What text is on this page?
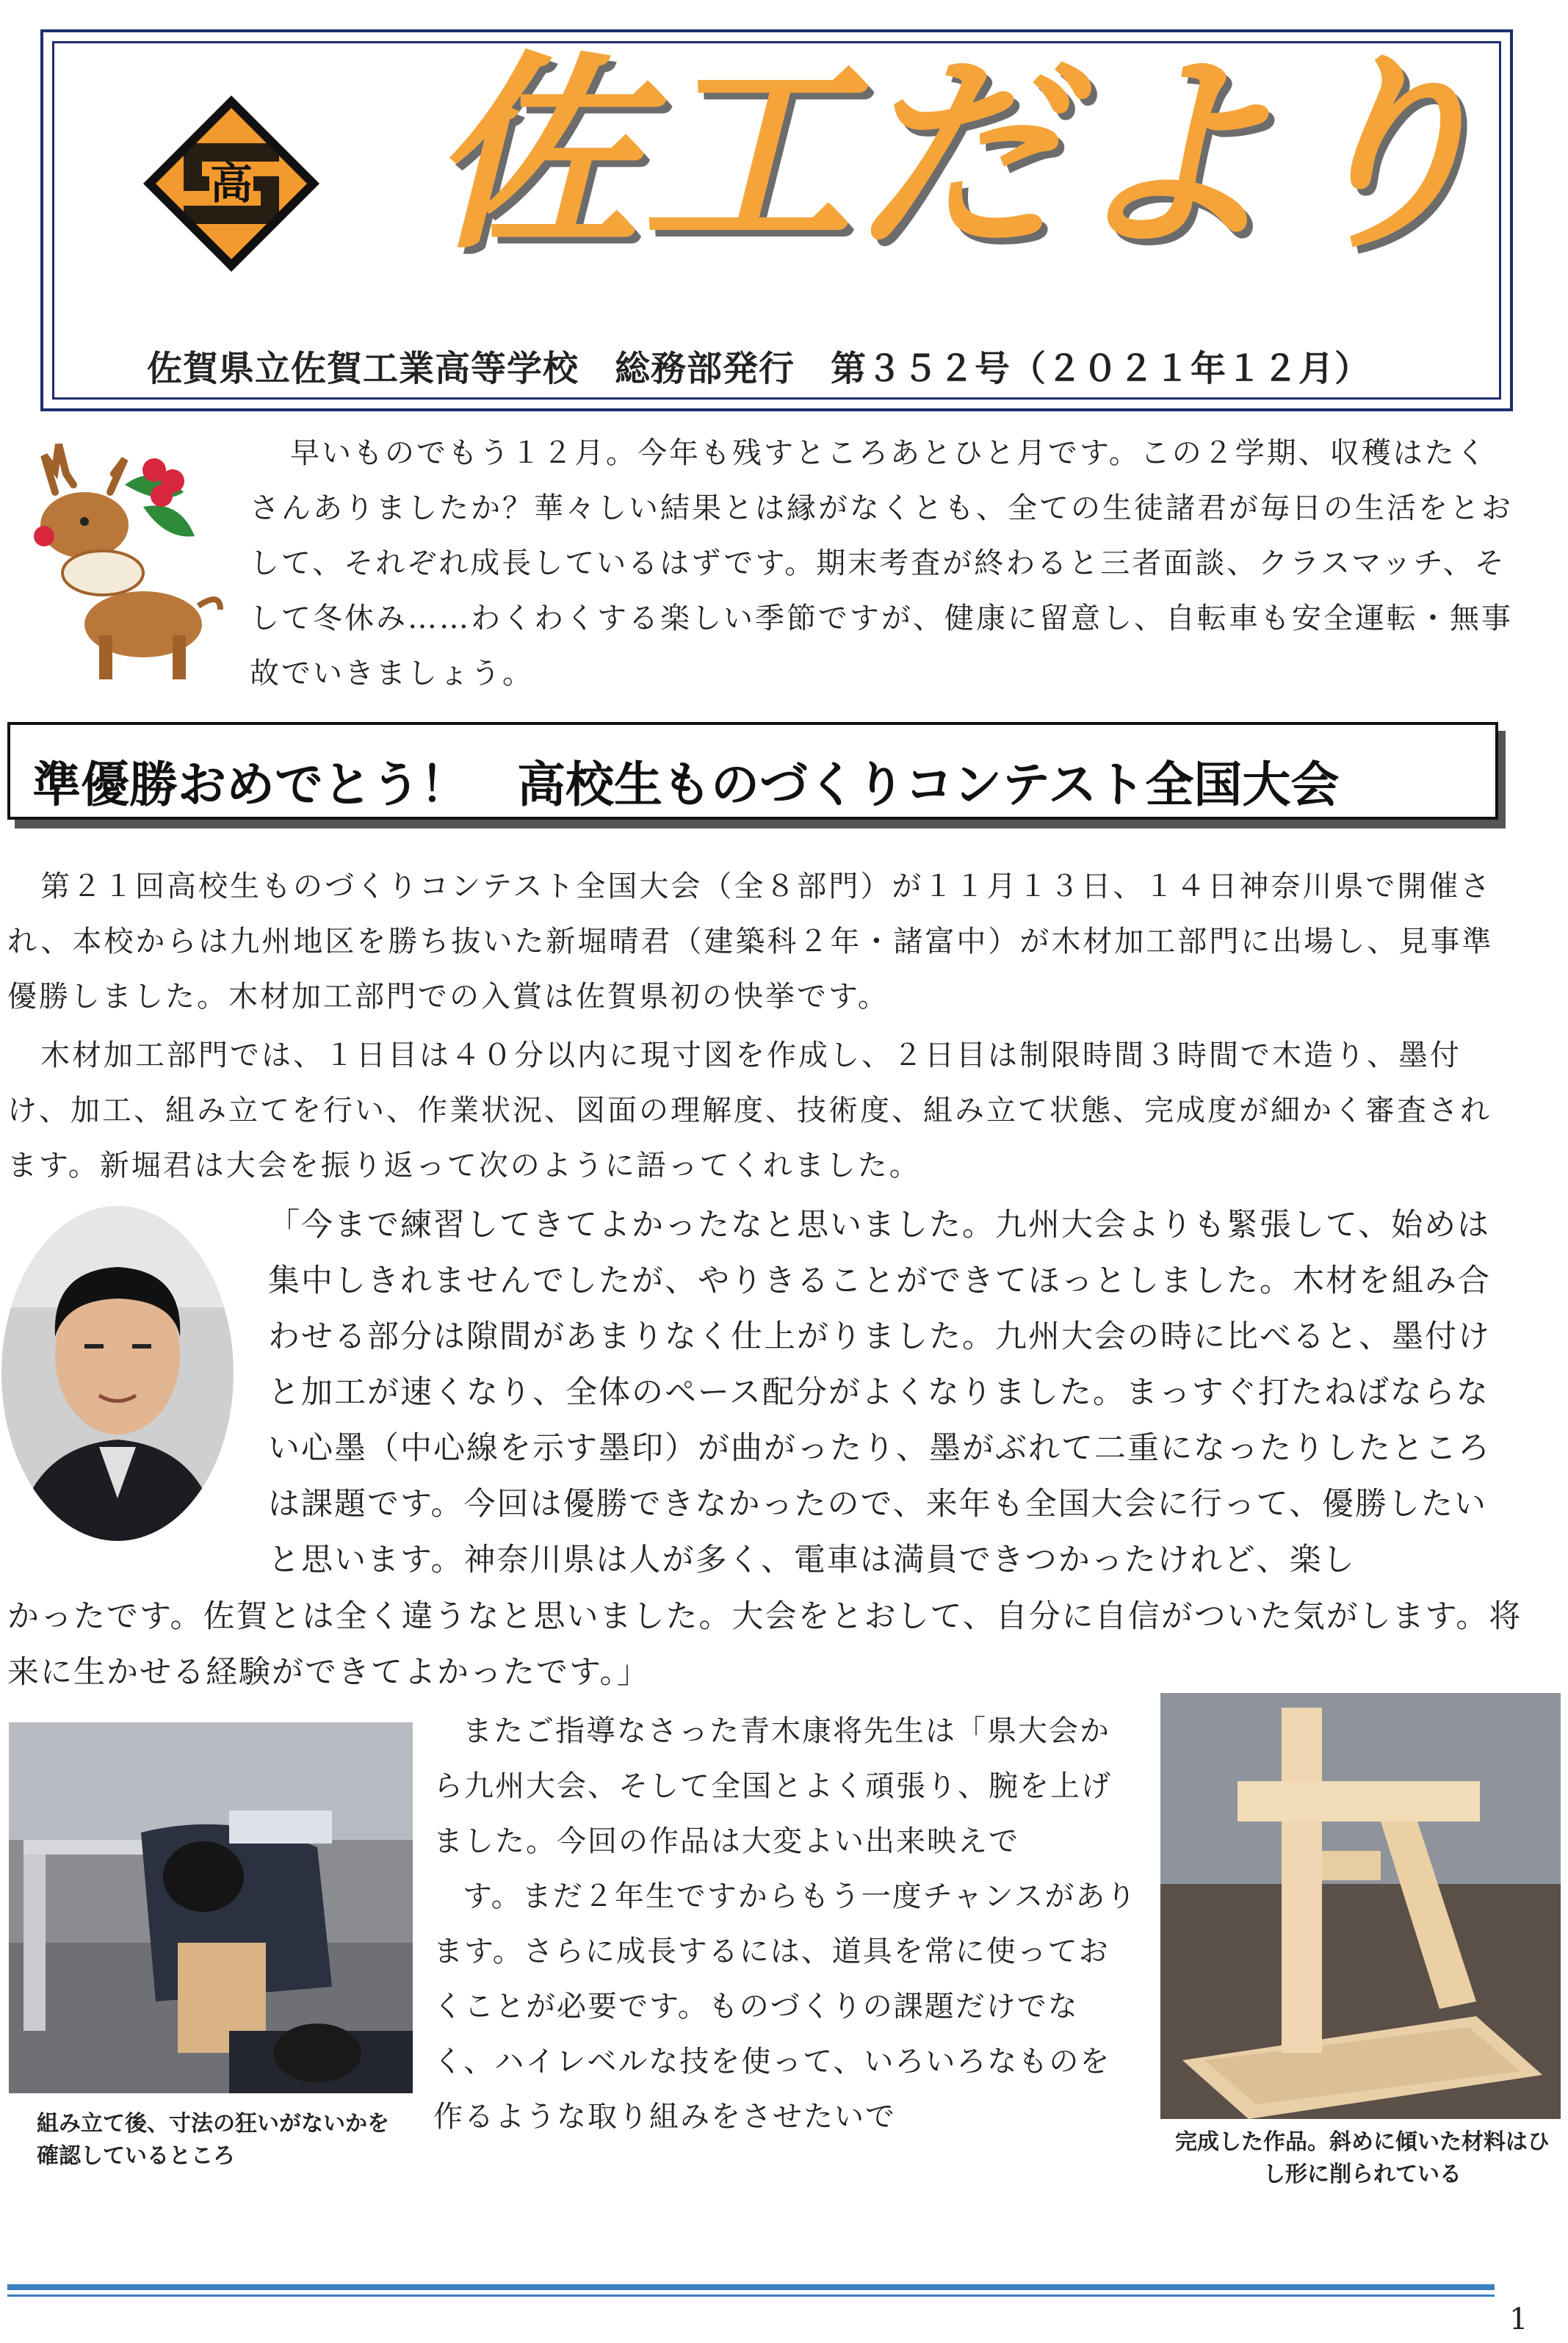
高 佐工だより
佐賀県立佐賀工業高等学校　総務部発行　第３５２号（２０２１年１２月）
早いものでもう１２月。今年も残すところあとひと月です。この２学期、収穫はたくさんありましたか？華々しい結果とは縁がなくとも、全ての生徒諸君が毎日の生活をとおして、それぞれ成長しているはずです。期末考査が終わると三者面談、クラスマッチ、そして冬休み……わくわくする楽しい季節ですが、健康に留意し、自転車も安全運転・無事故でいきましょう。
準優勝おめでとう！　高校生ものづくりコンテスト全国大会
第２１回高校生ものづくりコンテスト全国大会（全８部門）が１１月１３日、１４日神奈川県で開催され、本校からは九州地区を勝ち抜いた新堀晴君（建築科２年・諸富中）が木材加工部門に出場し、見事準優勝しました。木材加工部門での入賞は佐賀県初の快挙です。
木材加工部門では、１日目は４０分以内に現寸図を作成し、２日目は制限時間３時間で木造り、墨付け、加工、組み立てを行い、作業状況、図面の理解度、技術度、組み立て状態、完成度が細かく審査されます。新堀君は大会を振り返って次のように語ってくれました。
「今まで練習してきてよかったなと思いました。九州大会よりも緊張して、始めは集中しきれませんでしたが、やりきることができてほっとしました。木材を組み合わせる部分は隙間があまりなく仕上がりました。九州大会の時に比べると、墨付けと加工が速くなり、全体のペース配分がよくなりました。まっすぐ打たねばならない心墨（中心線を示す墨印）が曲がったり、墨がぶれて二重になったりしたところは課題です。今回は優勝できなかったので、来年も全国大会に行って、優勝したいと思います。神奈川県は人が多く、電車は満員できつかったけれど、楽し
かったです。佐賀とは全く違うなと思いました。大会をとおして、自分に自信がついた気がします。将来に生かせる経験ができてよかったです。」
組み立て後、寸法の狂いがないかを確認しているところ
またご指導なさった青木康将先生は「県大会から九州大会、そして全国とよく頑張り、腕を上げました。今回の作品は大変よい出来映えで
す。まだ２年生ですからもう一度チャンスがあります。さらに成長するには、道具を常に使っておくことが必要です。ものづくりの課題だけでなく、ハイレベルな技を使って、いろいろなものを作るような取り組みをさせたいで
完成した作品。斜めに傾いた材料はひし形に削られている
1
